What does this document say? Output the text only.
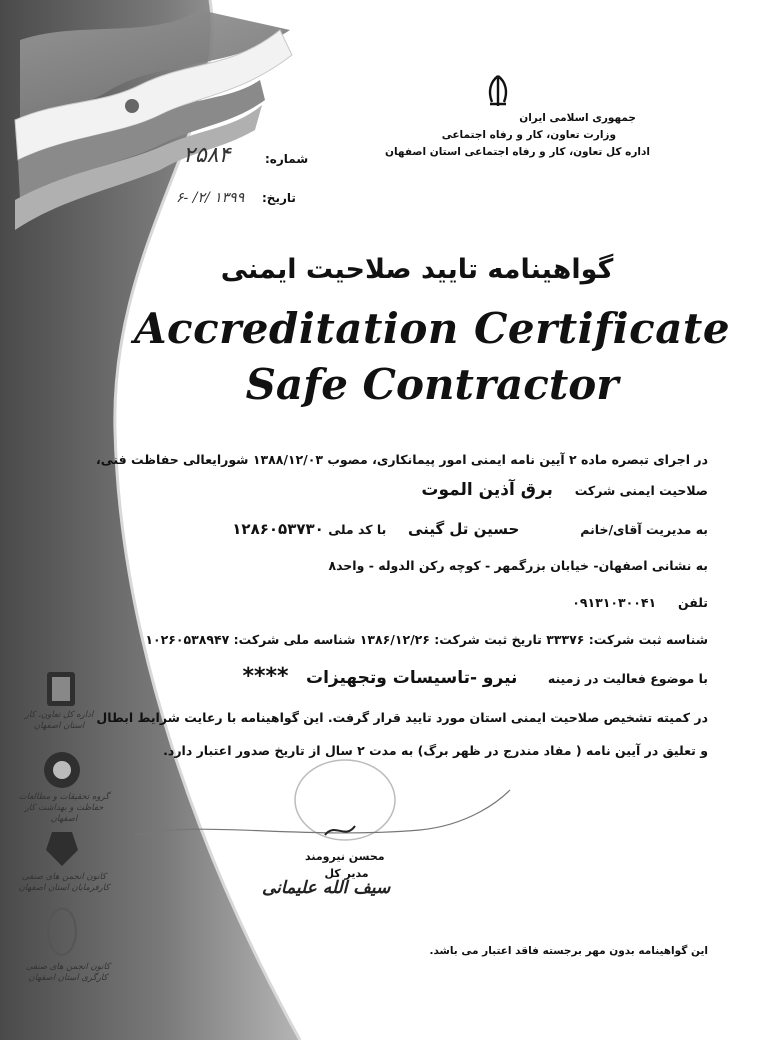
جمهوری اسلامی ایران
وزارت تعاون، کار و رفاه اجتماعی
اداره کل تعاون، کار و رفاه اجتماعی استان اصفهان
شماره:
۲۵۸۴
تاریخ:
۱۳۹۹ /۲/ -۶
گواهینامه تایید صلاحیت ایمنی
Accreditation Certificate
Safe Contractor
در اجرای تبصره ماده ۲ آیین نامه ایمنی امور پیمانکاری، مصوب ۱۳۸۸/۱۲/۰۳ شورایعالی حفاظت فنی،
صلاحیت ایمنی شرکت     برق آذین الموت
به مدیریت آقای/خانم              حسین تل گینی     با کد ملی ۱۲۸۶۰۵۳۷۳۰
به نشانی اصفهان- خیابان بزرگمهر - کوچه رکن الدوله - واحد۸
تلفن     ۰۹۱۳۱۰۳۰۰۴۱
شناسه ثبت شرکت: ۳۳۳۷۶ تاریخ ثبت شرکت: ۱۳۸۶/۱۲/۲۶ شناسه ملی شرکت: ۱۰۲۶۰۵۳۸۹۴۷
با موضوع فعالیت در زمینه       نیرو -تاسیسات وتجهیزات    ****
در کمیته تشخیص صلاحیت ایمنی استان مورد تایید قرار گرفت. این گواهینامه با رعایت شرایط ابطال
و تعلیق در آیین نامه ( مفاد مندرج در ظهر برگ) به مدت ۲ سال از تاریخ صدور اعتبار دارد.
محسن نیرومند
مدیر کل
سیف الله علیمانی
اداره کل تعاون، کار استان اصفهان
گروه تحقیقات و مطالعات حفاظت و بهداشت کار اصفهان
کانون انجمن های صنفی کارفرمایان استان اصفهان
کانون انجمن های صنفی کارگری استان اصفهان
این گواهینامه بدون مهر برجسته فاقد اعتبار می باشد.
